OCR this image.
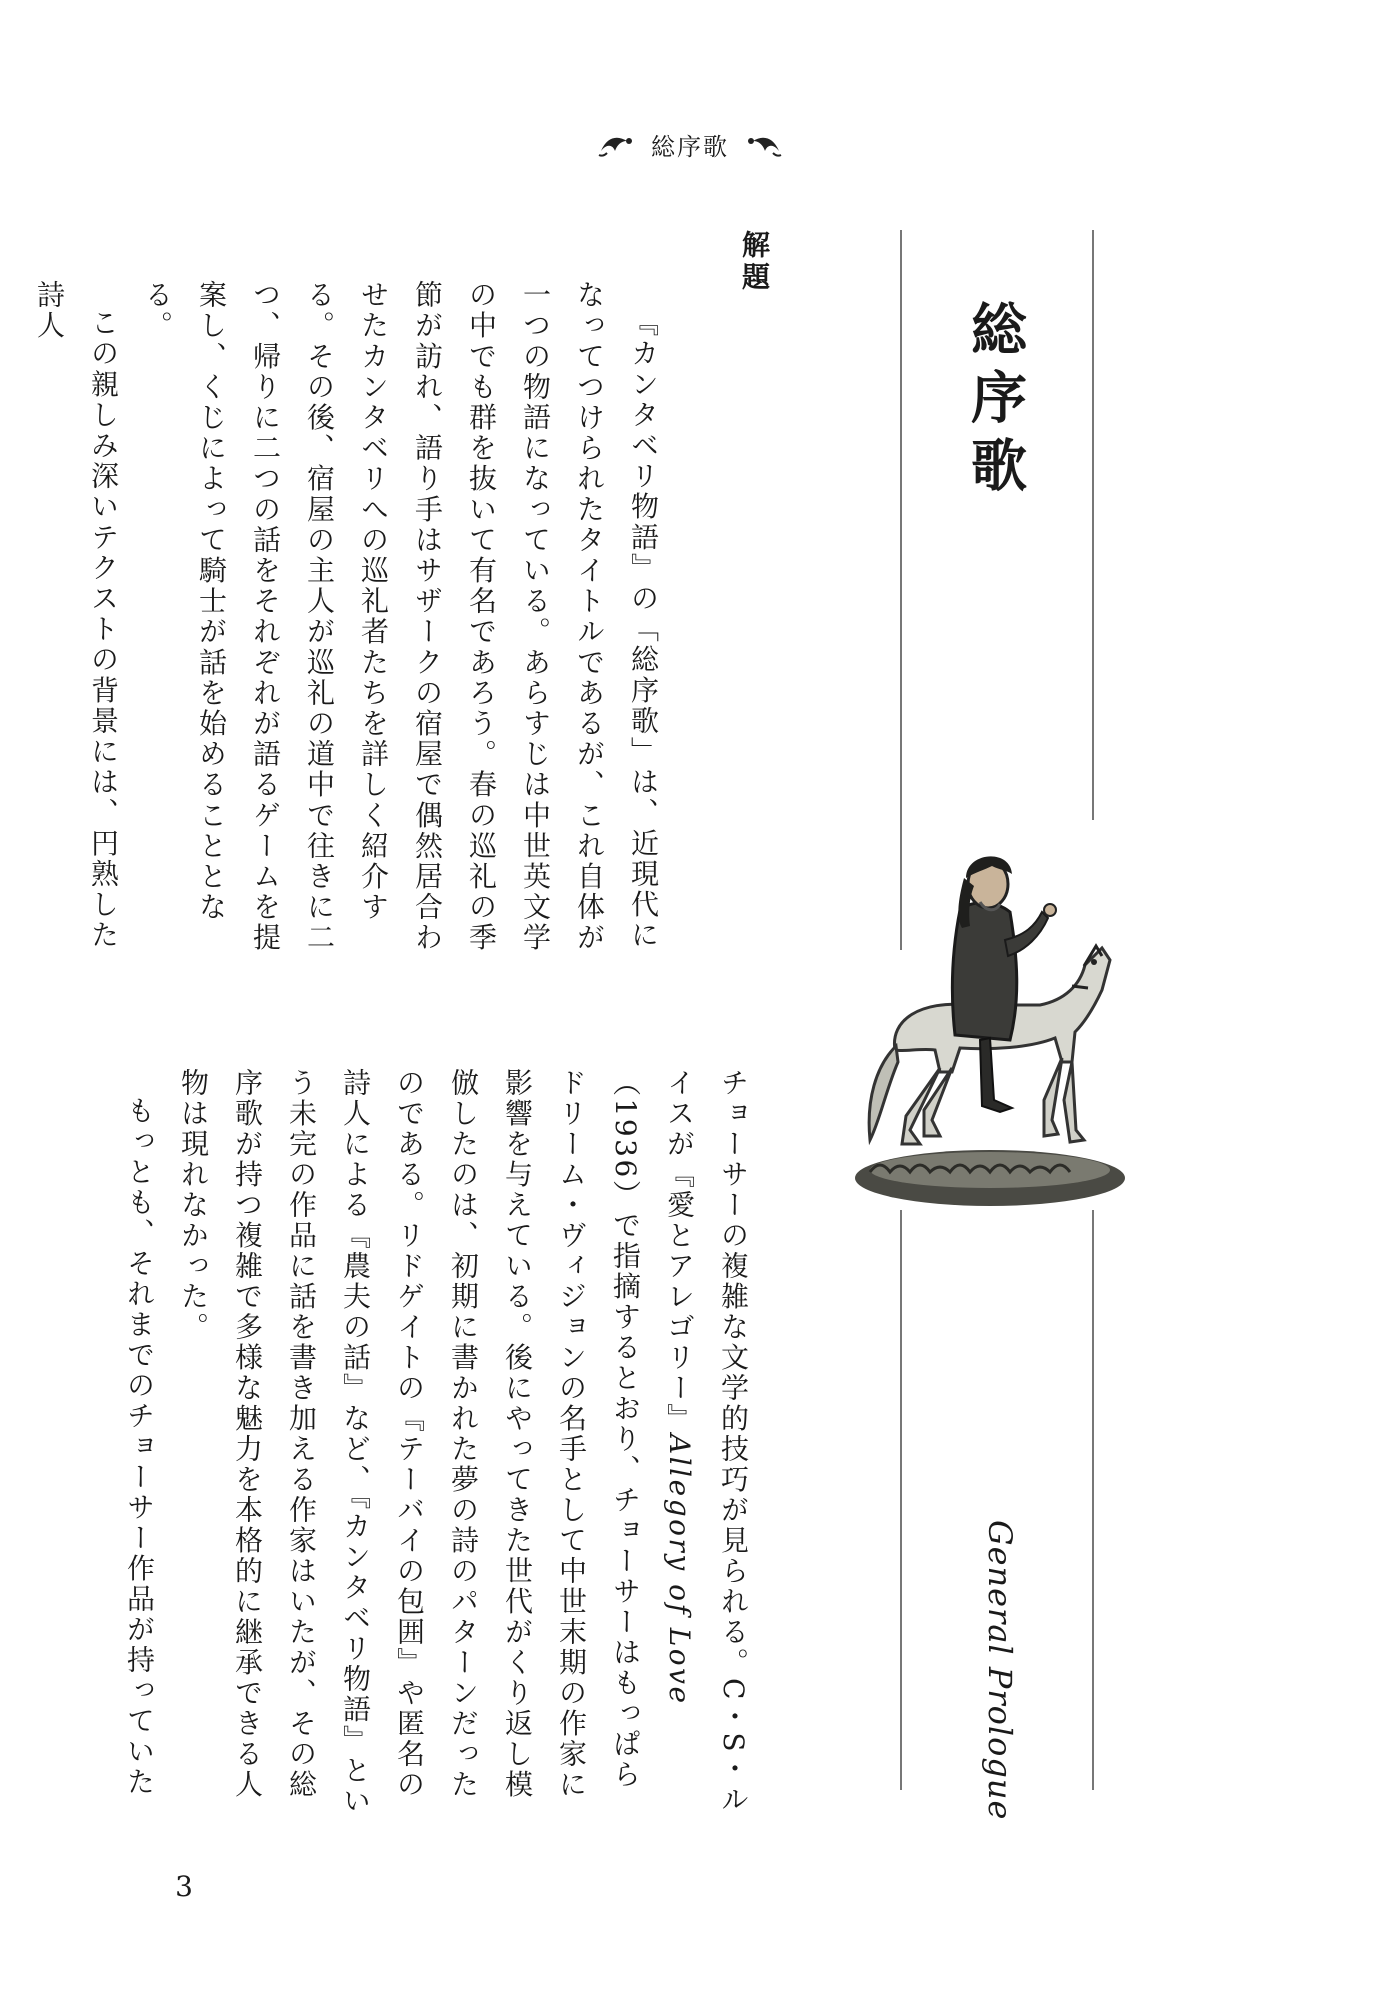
総序歌
総序歌
General Prologue
解題

『カンタベリ物語』の「総序歌」は、近現代になってつけられたタイトルであるが、これ自体が一つの物語になっている。あらすじは中世英文学の中でも群を抜いて有名であろう。春の巡礼の季節が訪れ、語り手はサザークの宿屋で偶然居合わせたカンタベリへの巡礼者たちを詳しく紹介する。その後、宿屋の主人が巡礼の道中で往きに二つ、帰りに二つの話をそれぞれが語るゲームを提案し、くじによって騎士が話を始めることとなる。

この親しみ深いテクストの背景には、円熟した詩人

チョーサーの複雑な文学的技巧が見られる。C・S・ルイスが『愛とアレゴリー』Allegory of Love（1936）で指摘するとおり、チョーサーはもっぱらドリーム・ヴィジョンの名手として中世末期の作家に影響を与えている。後にやってきた世代がくり返し模倣したのは、初期に書かれた夢の詩のパターンだったのである。リドゲイトの『テーバイの包囲』や匿名の詩人による『農夫の話』など、『カンタベリ物語』という未完の作品に話を書き加える作家はいたが、その総序歌が持つ複雑で多様な魅力を本格的に継承できる人物は現れなかった。

もっとも、それまでのチョーサー作品が持っていた

3
